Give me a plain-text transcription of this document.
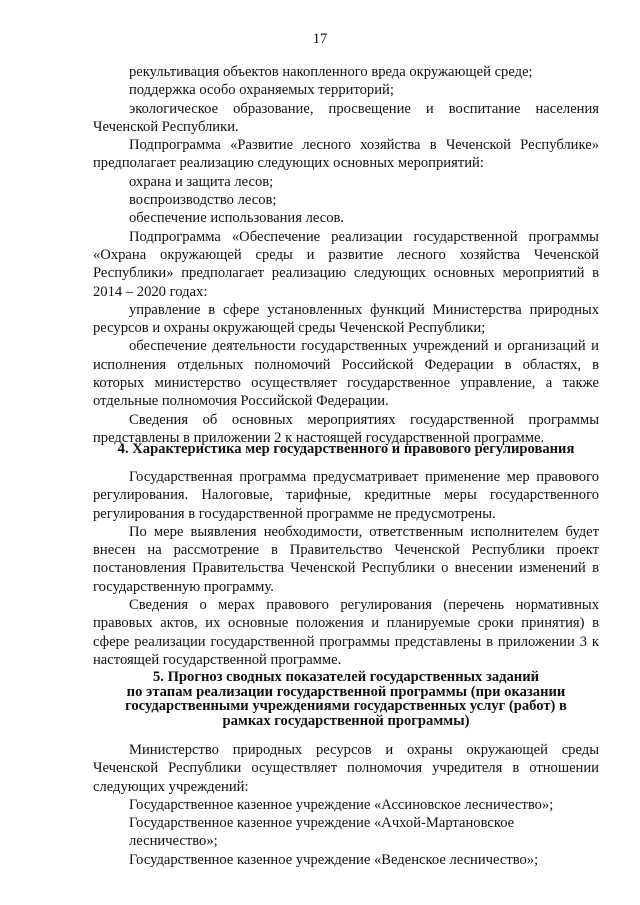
17

рекультивация объектов накопленного вреда окружающей среде;

поддержка особо охраняемых территорий;

экологическое образование, просвещение и воспитание населения Чеченской Республики.

Подпрограмма «Развитие лесного хозяйства в Чеченской Республике» предполагает реализацию следующих основных мероприятий:

охрана и защита лесов;

воспроизводство лесов;

обеспечение использования лесов.

Подпрограмма «Обеспечение реализации государственной программы «Охрана окружающей среды и развитие лесного хозяйства Чеченской Республики» предполагает реализацию следующих основных мероприятий в 2014 – 2020 годах:

управление в сфере установленных функций Министерства природных ресурсов и охраны окружающей среды Чеченской Республики;

обеспечение деятельности государственных учреждений и организаций и исполнения отдельных полномочий Российской Федерации в областях, в которых министерство осуществляет государственное управление, а также отдельные полномочия Российской Федерации.

Сведения об основных мероприятиях государственной программы представлены в приложении 2 к настоящей государственной программе.

4. Характеристика мер государственного и правового регулирования

Государственная программа предусматривает применение мер правового регулирования. Налоговые, тарифные, кредитные меры государственного регулирования в государственной программе не предусмотрены.

По мере выявления необходимости, ответственным исполнителем будет внесен на рассмотрение в Правительство Чеченской Республики проект постановления Правительства Чеченской Республики о внесении изменений в государственную программу.

Сведения о мерах правового регулирования (перечень нормативных правовых актов, их основные положения и планируемые сроки принятия) в сфере реализации государственной программы представлены в приложении 3 к настоящей государственной программе.

5. Прогноз сводных показателей государственных заданий
по этапам реализации государственной программы (при оказании
государственными учреждениями государственных услуг (работ) в
рамках государственной программы)

Министерство природных ресурсов и охраны окружающей среды Чеченской Республики осуществляет полномочия учредителя в отношении следующих учреждений:

Государственное казенное учреждение «Ассиновское лесничество»;

Государственное казенное учреждение «Ачхой-Мартановское лесничество»;

Государственное казенное учреждение «Веденское лесничество»;
